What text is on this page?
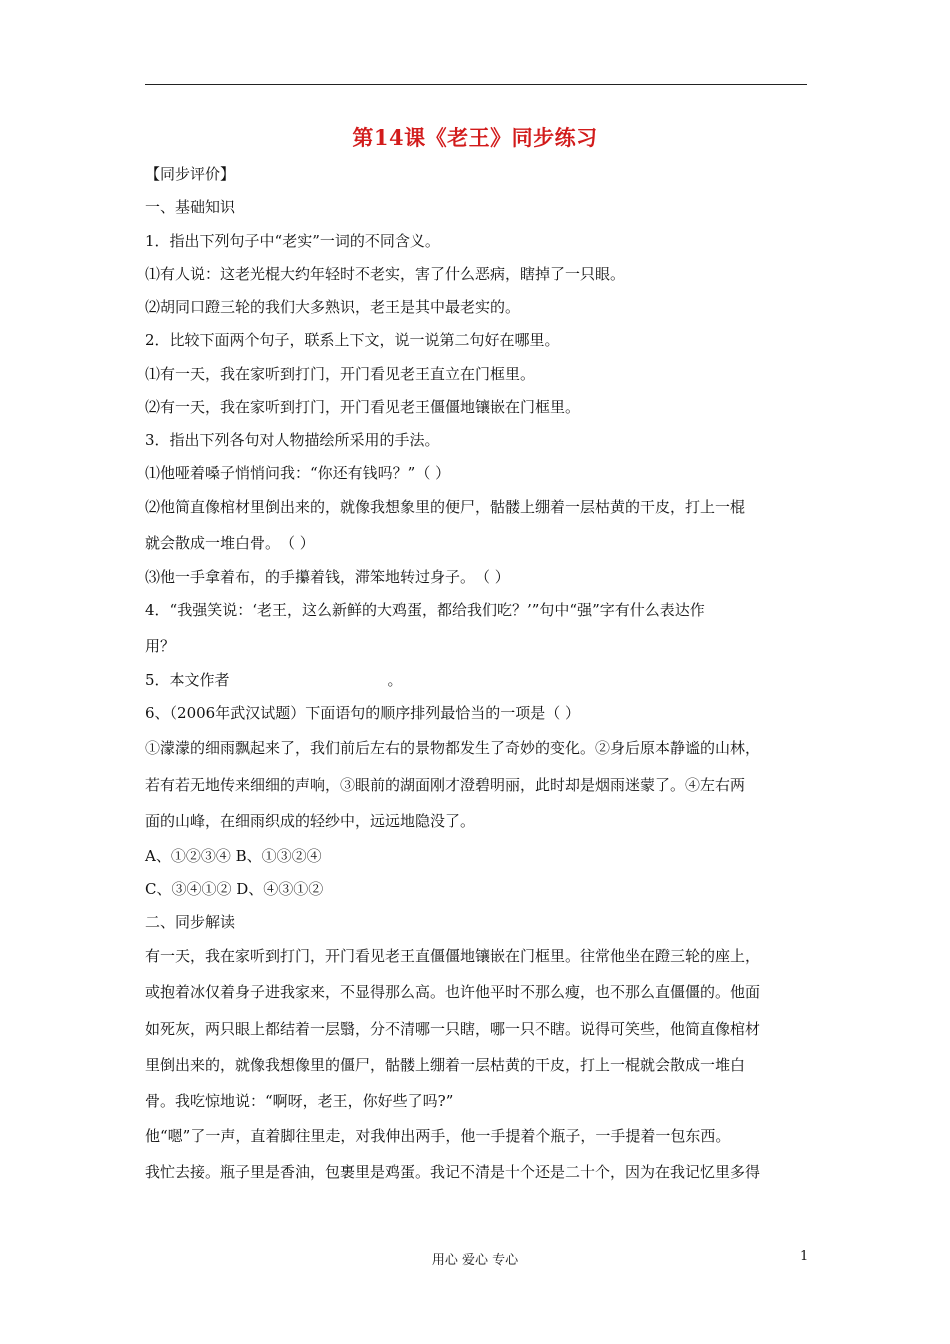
第14课《老王》同步练习
【同步评价】
一、基础知识
1．指出下列句子中“老实”一词的不同含义。
⑴有人说：这老光棍大约年轻时不老实，害了什么恶病，瞎掉了一只眼。
⑵胡同口蹬三轮的我们大多熟识，老王是其中最老实的。
2．比较下面两个句子，联系上下文，说一说第二句好在哪里。
⑴有一天，我在家听到打门，开门看见老王直立在门框里。
⑵有一天，我在家听到打门，开门看见老王僵僵地镶嵌在门框里。
3．指出下列各句对人物描绘所采用的手法。
⑴他哑着嗓子悄悄问我：“你还有钱吗？”（ ）
⑵他简直像棺材里倒出来的，就像我想象里的便尸，骷髅上绷着一层枯黄的干皮，打上一棍
就会散成一堆白骨。（ ）
⑶他一手拿着布，的手攥着钱，滞笨地转过身子。（ ）
4．“我强笑说：‘老王，这么新鲜的大鸡蛋，都给我们吃？’”句中“强”字有什么表达作
用？
5．本文作者	。
6、（2006年武汉试题）下面语句的顺序排列最恰当的一项是（ ）
①濛濛的细雨飘起来了，我们前后左右的景物都发生了奇妙的变化。②身后原本静谧的山林，
若有若无地传来细细的声响，③眼前的湖面刚才澄碧明丽，此时却是烟雨迷蒙了。④左右两
面的山峰，在细雨织成的轻纱中，远远地隐没了。
A、①②③④ B、①③②④
C、③④①② D、④③①②
二、同步解读
有一天，我在家听到打门，开门看见老王直僵僵地镶嵌在门框里。往常他坐在蹬三轮的座上，
或抱着冰仅着身子进我家来，不显得那么高。也许他平时不那么瘦，也不那么直僵僵的。他面
如死灰，两只眼上都结着一层翳，分不清哪一只瞎，哪一只不瞎。说得可笑些，他简直像棺材
里倒出来的，就像我想像里的僵尸，骷髅上绷着一层枯黄的干皮，打上一棍就会散成一堆白
骨。我吃惊地说：“啊呀，老王，你好些了吗?”
他“嗯”了一声，直着脚往里走，对我伸出两手，他一手提着个瓶子，一手提着一包东西。
我忙去接。瓶子里是香油，包裹里是鸡蛋。我记不清是十个还是二十个，因为在我记忆里多得
用心 爱心 专心	1
